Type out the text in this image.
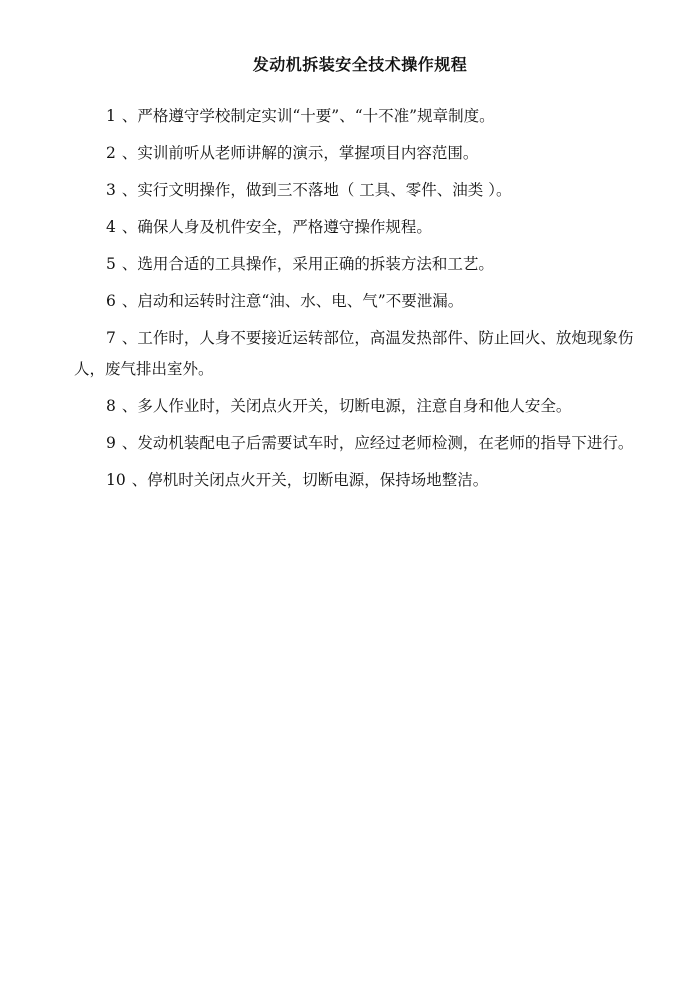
发动机拆装安全技术操作规程

1 、严格遵守学校制定实训“十要”、“十不准”规章制度。

2 、实训前听从老师讲解的演示，掌握项目内容范围。

3 、实行文明操作，做到三不落地（ 工具、零件、油类 ）。

4 、确保人身及机件安全，严格遵守操作规程。

5 、选用合适的工具操作，采用正确的拆装方法和工艺。

6 、启动和运转时注意“油、水、电、气”不要泄漏。

7 、工作时，人身不要接近运转部位，高温发热部件、防止回火、放炮现象伤人，废气排出室外。

8 、多人作业时，关闭点火开关，切断电源，注意自身和他人安全。

9 、发动机装配电子后需要试车时，应经过老师检测，在老师的指导下进行。

10 、停机时关闭点火开关，切断电源，保持场地整洁。
